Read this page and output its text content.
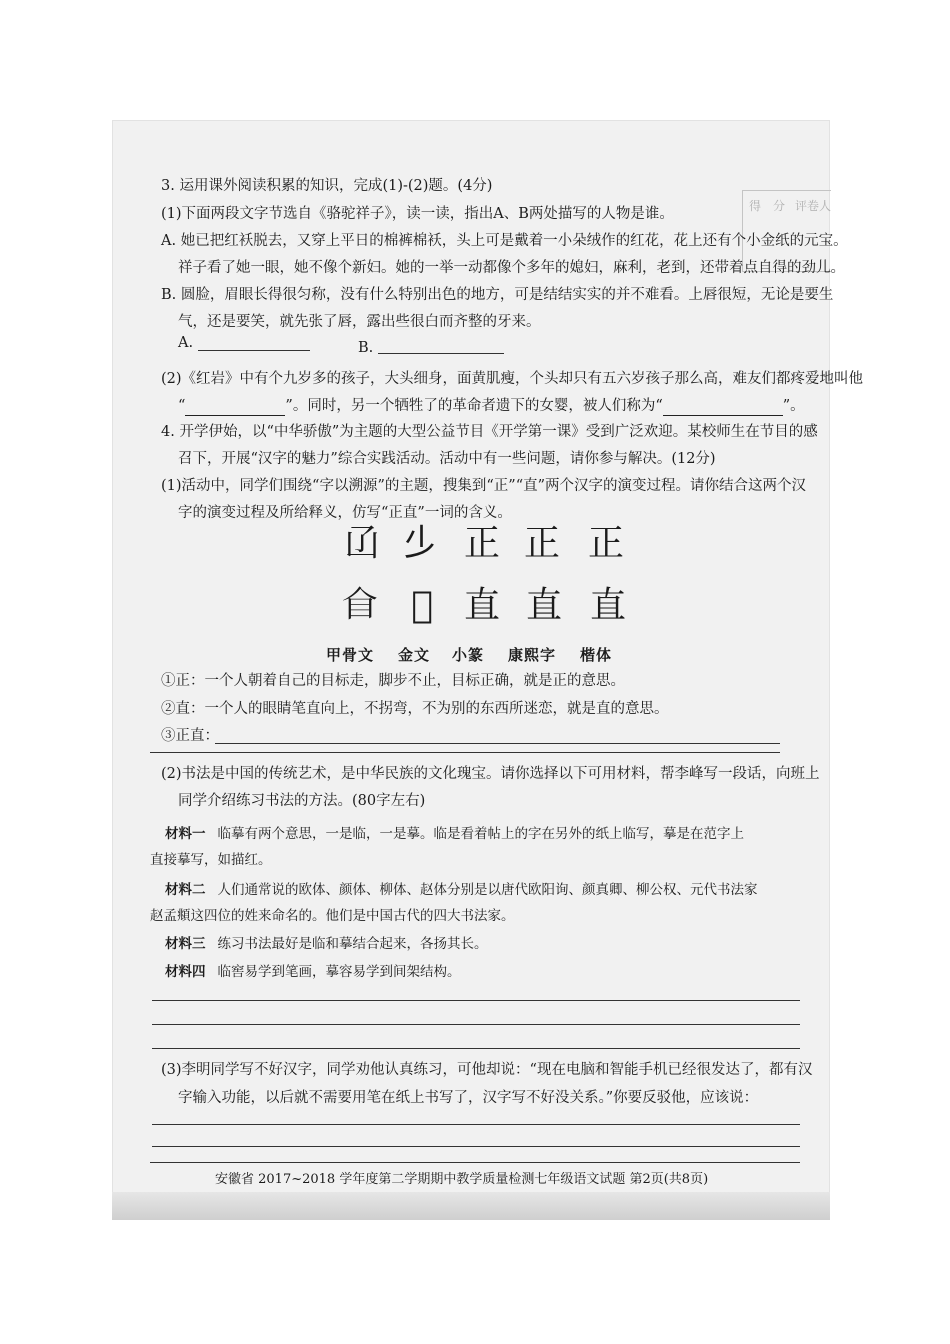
得 分 评卷人
3. 运用课外阅读积累的知识，完成(1)-(2)题。(4分)
(1)下面两段文字节选自《骆驼祥子》，读一读，指出A、B两处描写的人物是谁。
A. 她已把红袄脱去，又穿上平日的棉裤棉袄，头上可是戴着一小朵绒作的红花，花上还有个小金纸的元宝。
祥子看了她一眼，她不像个新妇。她的一举一动都像个多年的媳妇，麻利，老到，还带着点自得的劲儿。
B. 圆脸，眉眼长得很匀称，没有什么特别出色的地方，可是结结实实的并不难看。上唇很短，无论是要生
气，还是要笑，就先张了唇，露出些很白而齐整的牙来。
A.	B.
(2)《红岩》中有个九岁多的孩子，大头细身，面黄肌瘦，个头却只有五六岁孩子那么高，难友们都疼爱地叫他
“	”。同时，另一个牺牲了的革命者遗下的女婴，被人们称为“	”。
4. 开学伊始，以“中华骄傲”为主题的大型公益节目《开学第一课》受到广泛欢迎。某校师生在节目的感
召下，开展“汉字的魅力”综合实践活动。活动中有一些问题，请你参与解决。(12分)
(1)活动中，同学们围绕“字以溯源”的主题，搜集到“正”“直”两个汉字的演变过程。请你结合这两个汉
字的演变过程及所给释义，仿写“正直”一词的含义。
𠙶 𣥂 正 正 正
𥃦 𥄂 直 直 直
甲骨文 金文 小篆 康熙字 楷体
①正：一个人朝着自己的目标走，脚步不止，目标正确，就是正的意思。
②直：一个人的眼睛笔直向上，不拐弯，不为别的东西所迷恋，就是直的意思。
③正直：
(2)书法是中国的传统艺术，是中华民族的文化瑰宝。请你选择以下可用材料，帮李峰写一段话，向班上
同学介绍练习书法的方法。(80字左右)
材料一 临摹有两个意思，一是临，一是摹。临是看着帖上的字在另外的纸上临写，摹是在范字上
直接摹写，如描红。
材料二 人们通常说的欧体、颜体、柳体、赵体分别是以唐代欧阳询、颜真卿、柳公权、元代书法家
赵孟頫这四位的姓来命名的。他们是中国古代的四大书法家。
材料三 练习书法最好是临和摹结合起来，各扬其长。
材料四 临窖易学到笔画，摹容易学到间架结构。
(3)李明同学写不好汉字，同学劝他认真练习，可他却说：“现在电脑和智能手机已经很发达了，都有汉
字输入功能，以后就不需要用笔在纸上书写了，汉字写不好没关系。”你要反驳他，应该说：
安徽省 2017~2018 学年度第二学期期中教学质量检测七年级语文试题 第2页(共8页)
